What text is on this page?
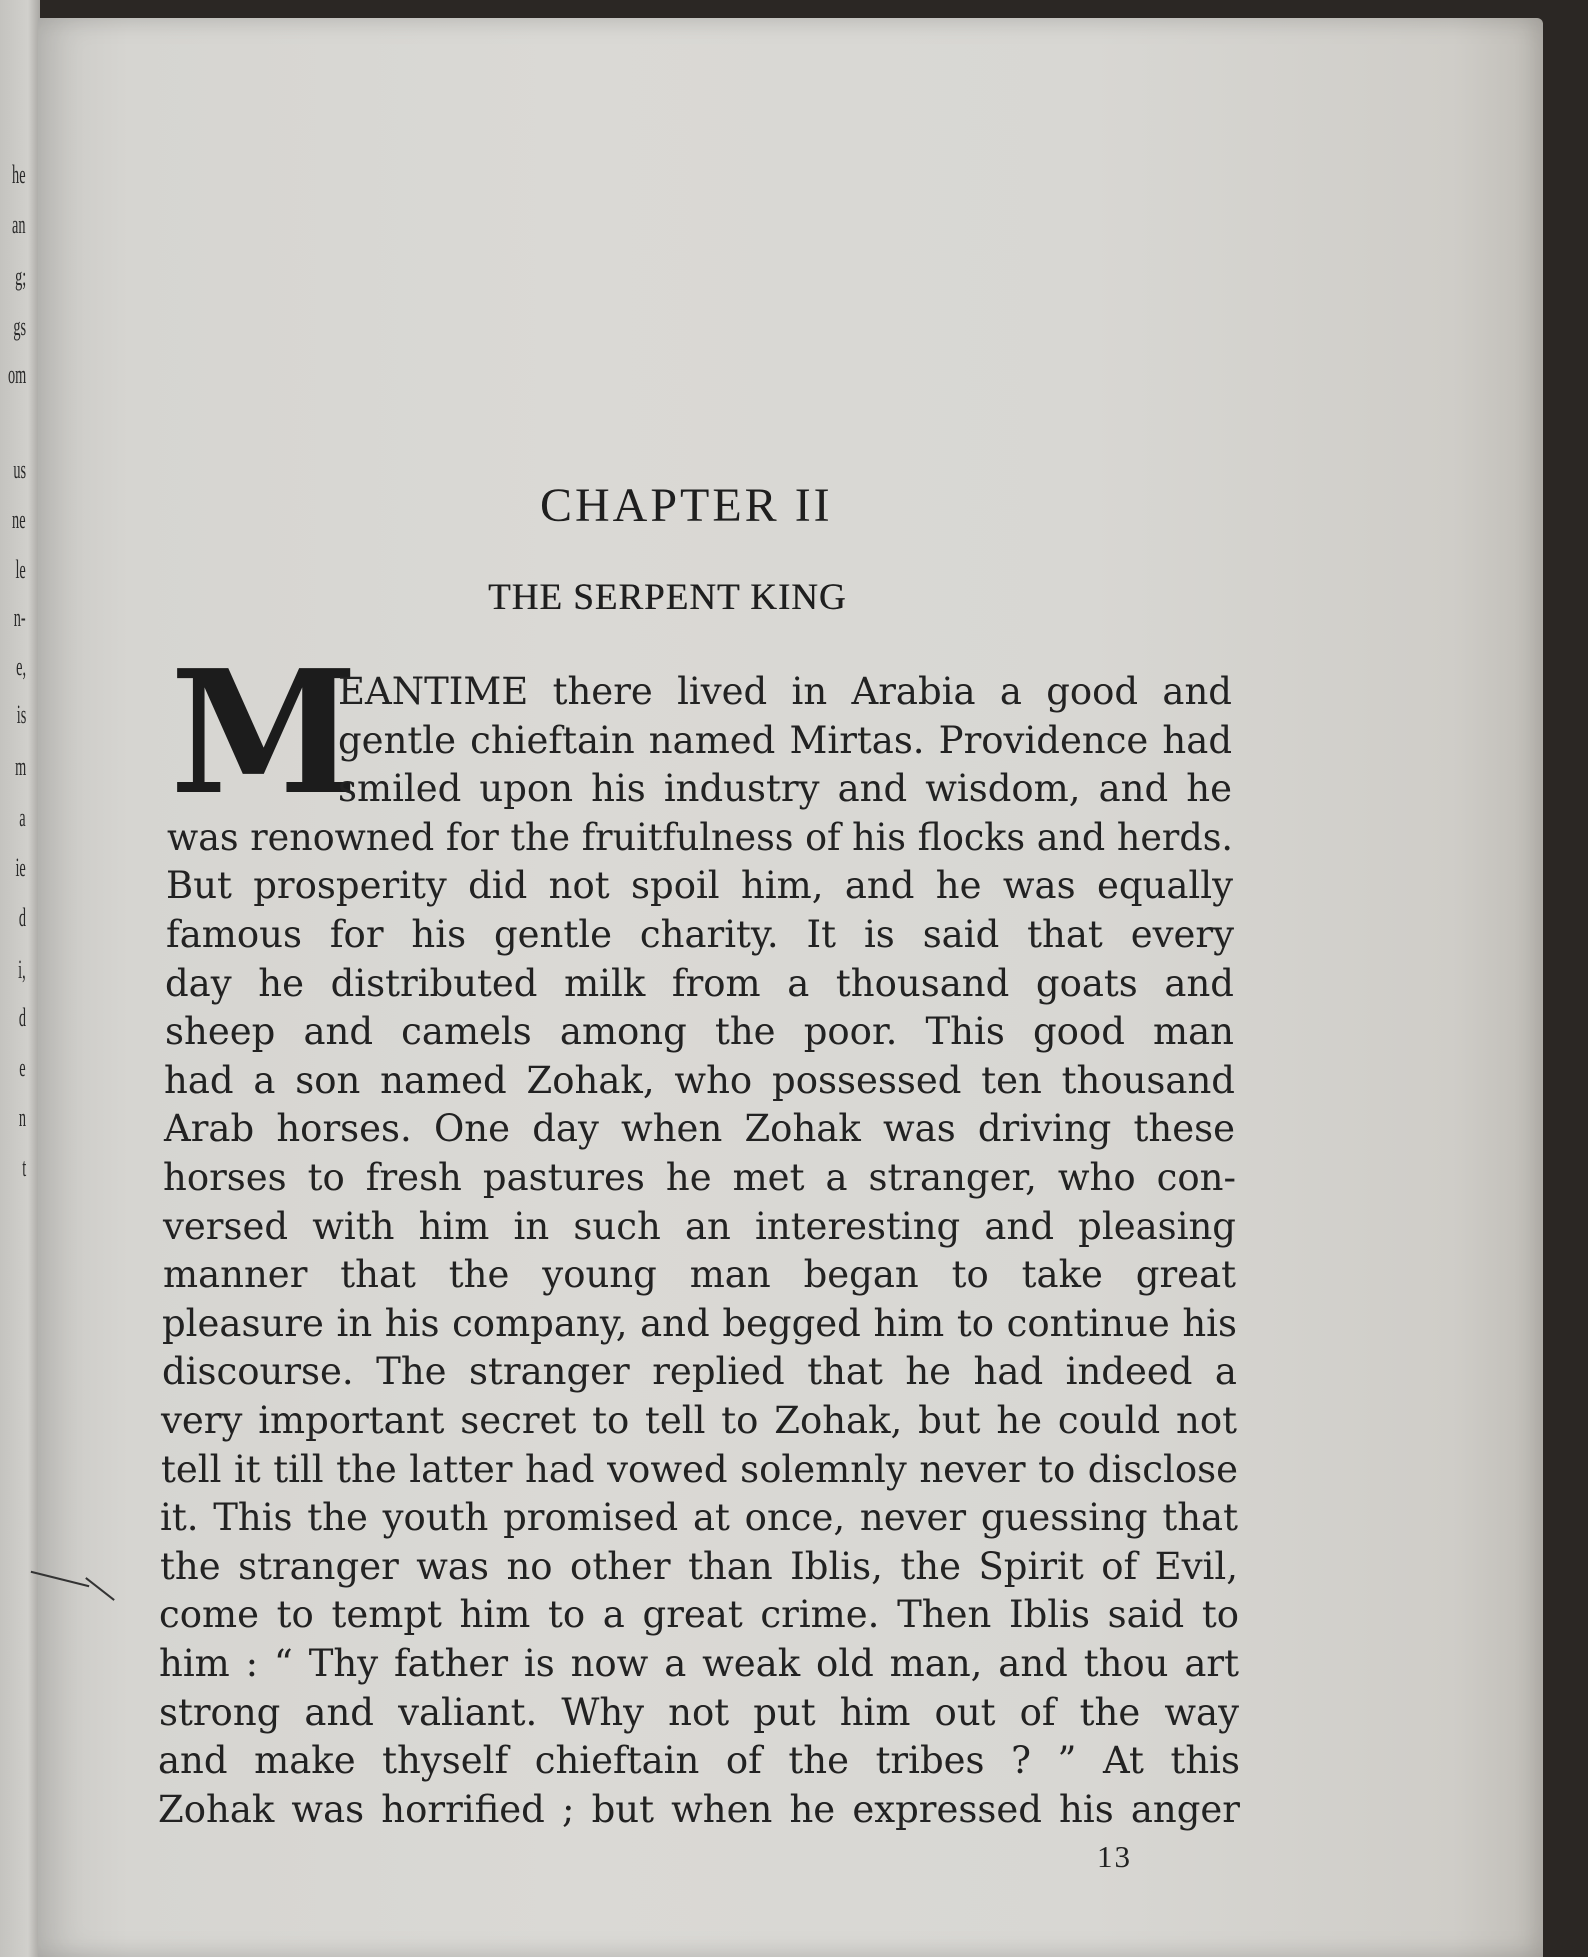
he
an
g;
gs
om
us
ne
le
n-
e,
is
m
a
ie
d
i,
d
e
n
t
CHAPTER II
THE SERPENT KING
M

EANTIME there lived in Arabia a good and

gentle chieftain named Mirtas. Providence had

smiled upon his industry and wisdom, and he

was renowned for the fruitfulness of his flocks and herds.

But prosperity did not spoil him, and he was equally

famous for his gentle charity. It is said that every

day he distributed milk from a thousand goats and

sheep and camels among the poor. This good man

had a son named Zohak, who possessed ten thousand

Arab horses. One day when Zohak was driving these

horses to fresh pastures he met a stranger, who con-

versed with him in such an interesting and pleasing

manner that the young man began to take great

pleasure in his company, and begged him to continue his

discourse. The stranger replied that he had indeed a

very important secret to tell to Zohak, but he could not

tell it till the latter had vowed solemnly never to disclose

it. This the youth promised at once, never guessing that

the stranger was no other than Iblis, the Spirit of Evil,

come to tempt him to a great crime. Then Iblis said to

him : “ Thy father is now a weak old man, and thou art

strong and valiant. Why not put him out of the way

and make thyself chieftain of the tribes ? ” At this

Zohak was horrified ; but when he expressed his anger

13
